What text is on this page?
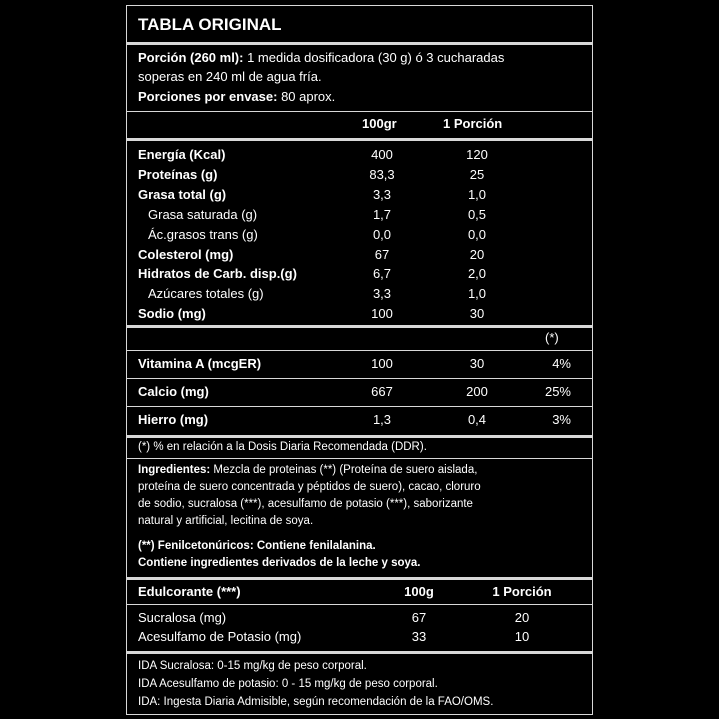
TABLA ORIGINAL
Porción (260 ml): 1 medida dosificadora (30 g) ó 3 cucharadas
soperas en 240 ml de agua fría.
Porciones por envase: 80 aprox.
100gr	1 Porción
Energía (Kcal)	400	120
Proteínas (g)	83,3	25
Grasa total (g)	3,3	1,0
Grasa saturada (g)	1,7	0,5
Ác.grasos trans (g)	0,0	0,0
Colesterol (mg)	67	20
Hidratos de Carb. disp.(g)	6,7	2,0
Azúcares totales (g)	3,3	1,0
Sodio (mg)	100	30
(*)
Vitamina A (mcgER)	100	30	4%
Calcio (mg)	667	200	25%
Hierro (mg)	1,3	0,4	3%
(*) % en relación a la Dosis Diaria Recomendada (DDR).
Ingredientes: Mezcla de proteinas (**) (Proteína de suero aislada,
proteína de suero concentrada y péptidos de suero), cacao, cloruro
de sodio, sucralosa (***), acesulfamo de potasio (***), saborizante
natural y artificial, lecitina de soya.
(**) Fenilcetonúricos: Contiene fenilalanina.
Contiene ingredientes derivados de la leche y soya.
Edulcorante (***)	100g	1 Porción
Sucralosa (mg)	67	20
Acesulfamo de Potasio (mg)	33	10
IDA Sucralosa: 0-15 mg/kg de peso corporal.
IDA Acesulfamo de potasio: 0 - 15 mg/kg de peso corporal.
IDA: Ingesta Diaria Admisible, según recomendación de la FAO/OMS.
